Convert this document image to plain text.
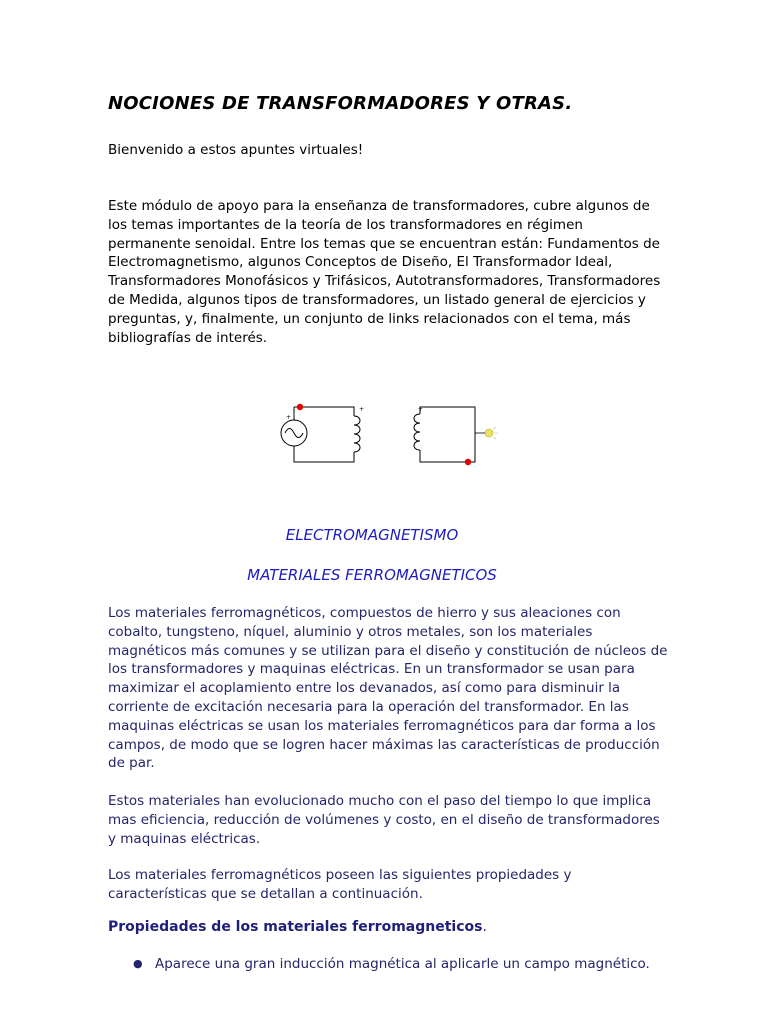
NOCIONES DE TRANSFORMADORES Y OTRAS.

Bienvenido a estos apuntes virtuales!

Este módulo de apoyo para la enseñanza de transformadores, cubre algunos de los temas importantes de la teoría de los transformadores en régimen permanente senoidal. Entre los temas que se encuentran están: Fundamentos de Electromagnetismo, algunos Conceptos de Diseño, El Transformador Ideal, Transformadores Monofásicos y Trifásicos, Autotransformadores, Transformadores de Medida, algunos tipos de transformadores, un listado general de ejercicios y preguntas, y, finalmente, un conjunto de links relacionados con el tema, más bibliografías de interés.

+
+	+
ELECTROMAGNETISMO
MATERIALES FERROMAGNETICOS

Los materiales ferromagnéticos, compuestos de hierro y sus aleaciones con cobalto, tungsteno, níquel, aluminio y otros metales, son los materiales magnéticos más comunes y se utilizan para el diseño y constitución de núcleos de los transformadores y maquinas eléctricas. En un transformador se usan para maximizar el acoplamiento entre los devanados, así como para disminuir la corriente de excitación necesaria para la operación del transformador. En las maquinas eléctricas se usan los materiales ferromagnéticos para dar forma a los campos, de modo que se logren hacer máximas las características de producción de par.

Estos materiales han evolucionado mucho con el paso del tiempo lo que implica mas eficiencia, reducción de volúmenes y costo, en el diseño de transformadores y maquinas eléctricas.

Los materiales ferromagnéticos poseen las siguientes propiedades y características que se detallan a continuación.

Propiedades de los materiales ferromagneticos.

● Aparece una gran inducción magnética al aplicarle un campo magnético.
